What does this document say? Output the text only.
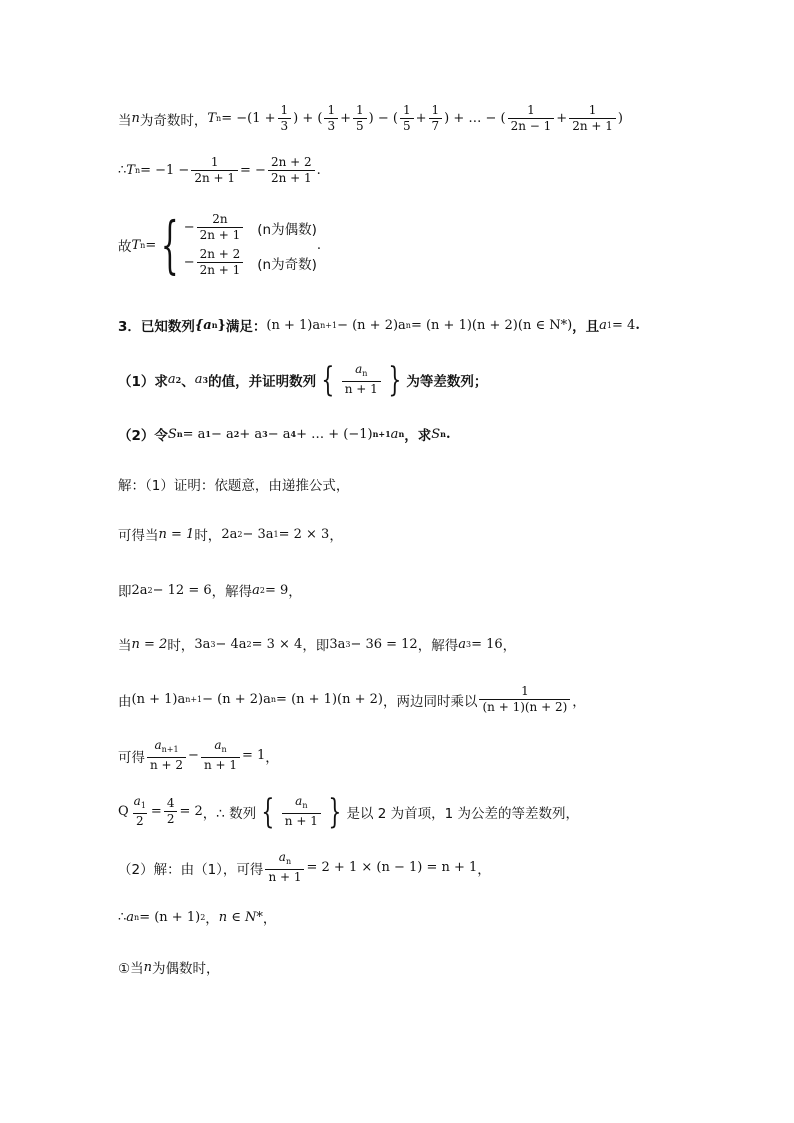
当 n 为奇数时， T $n = -(1 + \frac{1}{3}$ ) + ( $\frac{1}{3} + \frac{1}{5}$ ) − ( $\frac{1}{5} + \frac{1}{7}$ ) + … − ( $\frac{1}{2n - 1} + \frac{1}{2n + 1}$ )
∴ T $n = -1 - \frac{1}{2n + 1}$ = − $\frac{2n + 2}{2n + 1}$ .
故 T n = { − $\frac{2n}{2n + 1} (n$为偶数)
− $\frac{2n + 2}{2n + 1} (n$为奇数)
.
3．已知数列 {a n } 满足： (n + 1)a n+1 − (n + 2)a n = (n + 1)(n + 2)(n ∈ N*) ，且 a 1 = 4 .
（1）求 a 2 、 a 3 的值，并证明数列 { $\frac{a_n}{n + 1}$ } 为等差数列；
（2）令 S n = a 1 − a 2 + a 3 − a 4 + … + (−1) n+1 a n ，求 S n .
解：（1）证明：依题意，由递推公式，
可得当 n = 1 时， 2a 2 − 3a 1 = 2 × 3 ，
即 2a 2 − 12 = 6 ，解得 a 2 = 9 ，
当 n = 2 时， 3a 3 − 4a 2 = 3 × 4 ，即 3a 3 − 36 = 12 ，解得 a 3 = 16 ，
由 (n + 1)a n+1 − (n + 2)a n = (n + 1)(n + 2) ，两边同时乘以 $\frac{1}{(n + 1)(n + 2)}$ ，
可得 $\frac{a_{n+1}}{n + 2} - \frac{a_n}{n + 1} = 1$ ，
Q $\frac{a_1}{2} = \frac{4}{2} = 2$ ，∴ 数列 { $\frac{a_n}{n + 1}$ } 是以 2 为首项，1 为公差的等差数列，
（2）解：由（1），可得 $\frac{a_n}{n + 1} = 2 + 1 \times (n - 1) = n + 1$ ，
∴ a n = (n + 1) 2 ， n ∈ N* ，
①当 n 为偶数时，
